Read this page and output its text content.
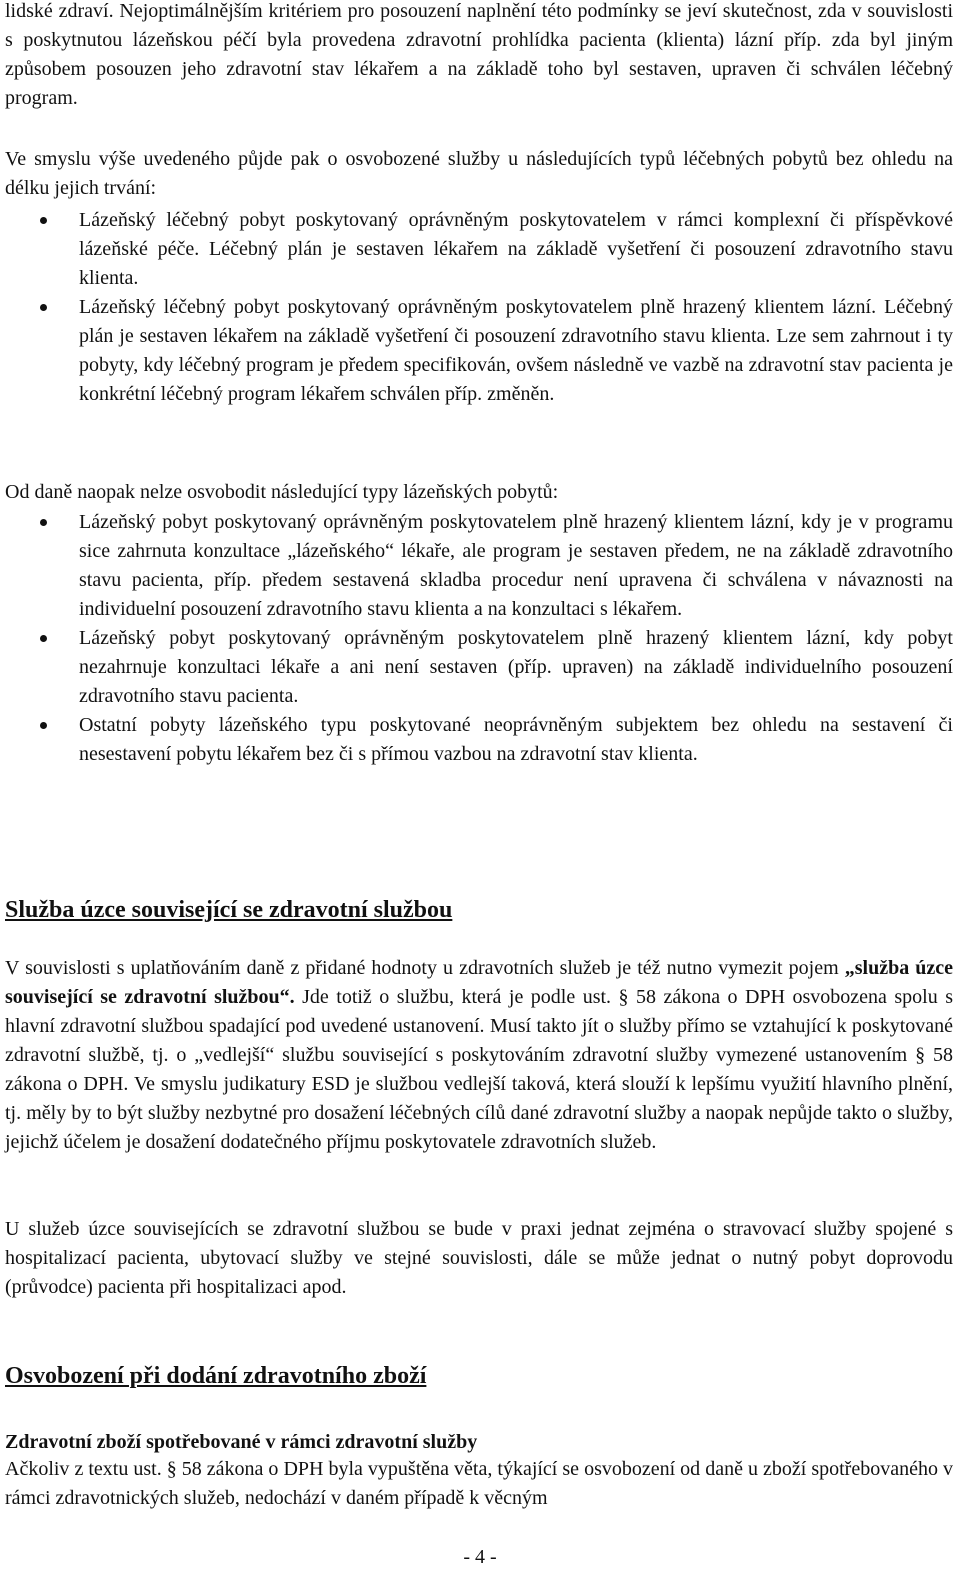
lidské zdraví. Nejoptimálnějším kritériem pro posouzení naplnění této podmínky se jeví skutečnost, zda v souvislosti s poskytnutou lázeňskou péčí byla provedena zdravotní prohlídka pacienta (klienta) lázní příp. zda byl jiným způsobem posouzen jeho zdravotní stav lékařem a na základě toho byl sestaven, upraven či schválen léčebný program.

Ve smyslu výše uvedeného půjde pak o osvobozené služby u následujících typů léčebných pobytů bez ohledu na délku jejich trvání:

Lázeňský léčebný pobyt poskytovaný oprávněným poskytovatelem v rámci komplexní či příspěvkové lázeňské péče. Léčebný plán je sestaven lékařem na základě vyšetření či posouzení zdravotního stavu klienta.
Lázeňský léčebný pobyt poskytovaný oprávněným poskytovatelem plně hrazený klientem lázní. Léčebný plán je sestaven lékařem na základě vyšetření či posouzení zdravotního stavu klienta. Lze sem zahrnout i ty pobyty, kdy léčebný program je předem specifikován, ovšem následně ve vazbě na zdravotní stav pacienta je konkrétní léčebný program lékařem schválen příp. změněn.

Od daně naopak nelze osvobodit následující typy lázeňských pobytů:

Lázeňský pobyt poskytovaný oprávněným poskytovatelem plně hrazený klientem lázní, kdy je v programu sice zahrnuta konzultace „lázeňského“ lékaře, ale program je sestaven předem, ne na základě zdravotního stavu pacienta, příp. předem sestavená skladba procedur není upravena či schválena v návaznosti na individuelní posouzení zdravotního stavu klienta a na konzultaci s lékařem.
Lázeňský pobyt poskytovaný oprávněným poskytovatelem plně hrazený klientem lázní, kdy pobyt nezahrnuje konzultaci lékaře a ani není sestaven (příp. upraven) na základě individuelního posouzení zdravotního stavu pacienta.
Ostatní pobyty lázeňského typu poskytované neoprávněným subjektem bez ohledu na sestavení či nesestavení pobytu lékařem bez či s přímou vazbou na zdravotní stav klienta.
Služba úzce související se zdravotní službou

V souvislosti s uplatňováním daně z přidané hodnoty u zdravotních služeb je též nutno vymezit pojem „služba úzce související se zdravotní službou“. Jde totiž o službu, která je podle ust. § 58 zákona o DPH osvobozena spolu s hlavní zdravotní službou spadající pod uvedené ustanovení. Musí takto jít o služby přímo se vztahující k poskytované zdravotní službě, tj. o „vedlejší“ službu související s poskytováním zdravotní služby vymezené ustanovením § 58 zákona o DPH. Ve smyslu judikatury ESD je službou vedlejší taková, která slouží k lepšímu využití hlavního plnění, tj. měly by to být služby nezbytné pro dosažení léčebných cílů dané zdravotní služby a naopak nepůjde takto o služby, jejichž účelem je dosažení dodatečného příjmu poskytovatele zdravotních služeb.

U služeb úzce souvisejících se zdravotní službou se bude v praxi jednat zejména o stravovací služby spojené s hospitalizací pacienta, ubytovací služby ve stejné souvislosti, dále se může jednat o nutný pobyt doprovodu (průvodce) pacienta při hospitalizaci apod.

Osvobození při dodání zdravotního zboží
Zdravotní zboží spotřebované v rámci zdravotní služby

Ačkoliv z textu ust. § 58 zákona o DPH byla vypuštěna věta, týkající se osvobození od daně u zboží spotřebovaného v rámci zdravotnických služeb, nedochází v daném případě k věcným

- 4 -
